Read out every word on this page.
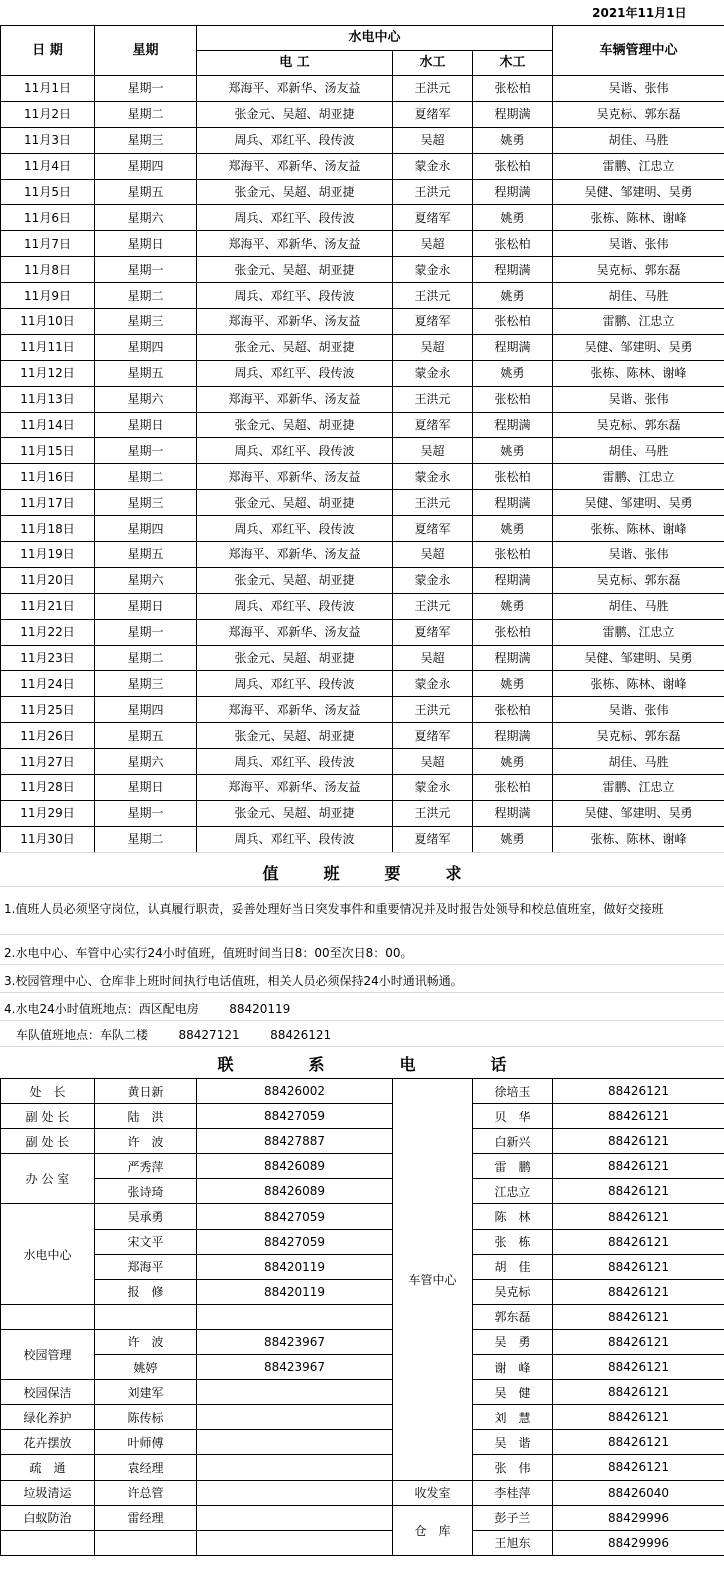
2021年11月1日					
日 期	星期	水电中心			车辆管理中心
		电 工	水工	木工	
11月1日	星期一	郑海平、邓新华、汤友益	王洪元	张松柏	吴谐、张伟
11月2日	星期二	张金元、吴超、胡亚捷	夏绪军	程期满	吴克标、郭东磊
11月3日	星期三	周兵、邓红平、段传波	吴超	姚勇	胡佳、马胜
11月4日	星期四	郑海平、邓新华、汤友益	蒙金永	张松柏	雷鹏、江忠立
11月5日	星期五	张金元、吴超、胡亚捷	王洪元	程期满	吴健、邹建明、吴勇
11月6日	星期六	周兵、邓红平、段传波	夏绪军	姚勇	张栋、陈林、谢峰
11月7日	星期日	郑海平、邓新华、汤友益	吴超	张松柏	吴谐、张伟
11月8日	星期一	张金元、吴超、胡亚捷	蒙金永	程期满	吴克标、郭东磊
11月9日	星期二	周兵、邓红平、段传波	王洪元	姚勇	胡佳、马胜
11月10日	星期三	郑海平、邓新华、汤友益	夏绪军	张松柏	雷鹏、江忠立
11月11日	星期四	张金元、吴超、胡亚捷	吴超	程期满	吴健、邹建明、吴勇
11月12日	星期五	周兵、邓红平、段传波	蒙金永	姚勇	张栋、陈林、谢峰
11月13日	星期六	郑海平、邓新华、汤友益	王洪元	张松柏	吴谐、张伟
11月14日	星期日	张金元、吴超、胡亚捷	夏绪军	程期满	吴克标、郭东磊
11月15日	星期一	周兵、邓红平、段传波	吴超	姚勇	胡佳、马胜
11月16日	星期二	郑海平、邓新华、汤友益	蒙金永	张松柏	雷鹏、江忠立
11月17日	星期三	张金元、吴超、胡亚捷	王洪元	程期满	吴健、邹建明、吴勇
11月18日	星期四	周兵、邓红平、段传波	夏绪军	姚勇	张栋、陈林、谢峰
11月19日	星期五	郑海平、邓新华、汤友益	吴超	张松柏	吴谐、张伟
11月20日	星期六	张金元、吴超、胡亚捷	蒙金永	程期满	吴克标、郭东磊
11月21日	星期日	周兵、邓红平、段传波	王洪元	姚勇	胡佳、马胜
11月22日	星期一	郑海平、邓新华、汤友益	夏绪军	张松柏	雷鹏、江忠立
11月23日	星期二	张金元、吴超、胡亚捷	吴超	程期满	吴健、邹建明、吴勇
11月24日	星期三	周兵、邓红平、段传波	蒙金永	姚勇	张栋、陈林、谢峰
11月25日	星期四	郑海平、邓新华、汤友益	王洪元	张松柏	吴谐、张伟
11月26日	星期五	张金元、吴超、胡亚捷	夏绪军	程期满	吴克标、郭东磊
11月27日	星期六	周兵、邓红平、段传波	吴超	姚勇	胡佳、马胜
11月28日	星期日	郑海平、邓新华、汤友益	蒙金永	张松柏	雷鹏、江忠立
11月29日	星期一	张金元、吴超、胡亚捷	王洪元	程期满	吴健、邹建明、吴勇
11月30日	星期二	周兵、邓红平、段传波	夏绪军	姚勇	张栋、陈林、谢峰
值班要求
1.值班人员必须坚守岗位，认真履行职责，妥善处理好当日突发事件和重要情况并及时报告处领导和校总值班室，做好交接班
2.水电中心、车管中心实行24小时值班，值班时间当日8：00至次日8：00。
3.校园管理中心、仓库非上班时间执行电话值班，相关人员必须保持24小时通讯畅通。
4.水电24小时值班地点：西区配电房        88420119
车队值班地点：车队二楼        88427121        88426121
联系电话
处　长	黄日新	88426002	车管中心	徐培玉	88426121
副 处 长	陆　洪	88427059		贝　华	88426121
副 处 长	许　波	88427887		白新兴	88426121
办 公 室	严秀萍	88426089		雷　鹏	88426121
	张诗琦	88426089		江忠立	88426121
水电中心	吴承勇	88427059		陈　林	88426121
	宋文平	88427059		张　栋	88426121
	郑海平	88420119		胡　佳	88426121
	报　修	88420119		吴克标	88426121
				郭东磊	88426121
校园管理	许　波	88423967		吴　勇	88426121
	姚婷	88423967		谢　峰	88426121
校园保洁	刘建军			吴　健	88426121
绿化养护	陈传标			刘　慧	88426121
花卉摆放	叶师傅			吴　谐	88426121
疏　通	袁经理			张　伟	88426121
垃圾清运	许总管		收发室	李桂萍	88426040
白蚁防治	雷经理		仓　库	彭子兰	88429996
				王旭东	88429996
